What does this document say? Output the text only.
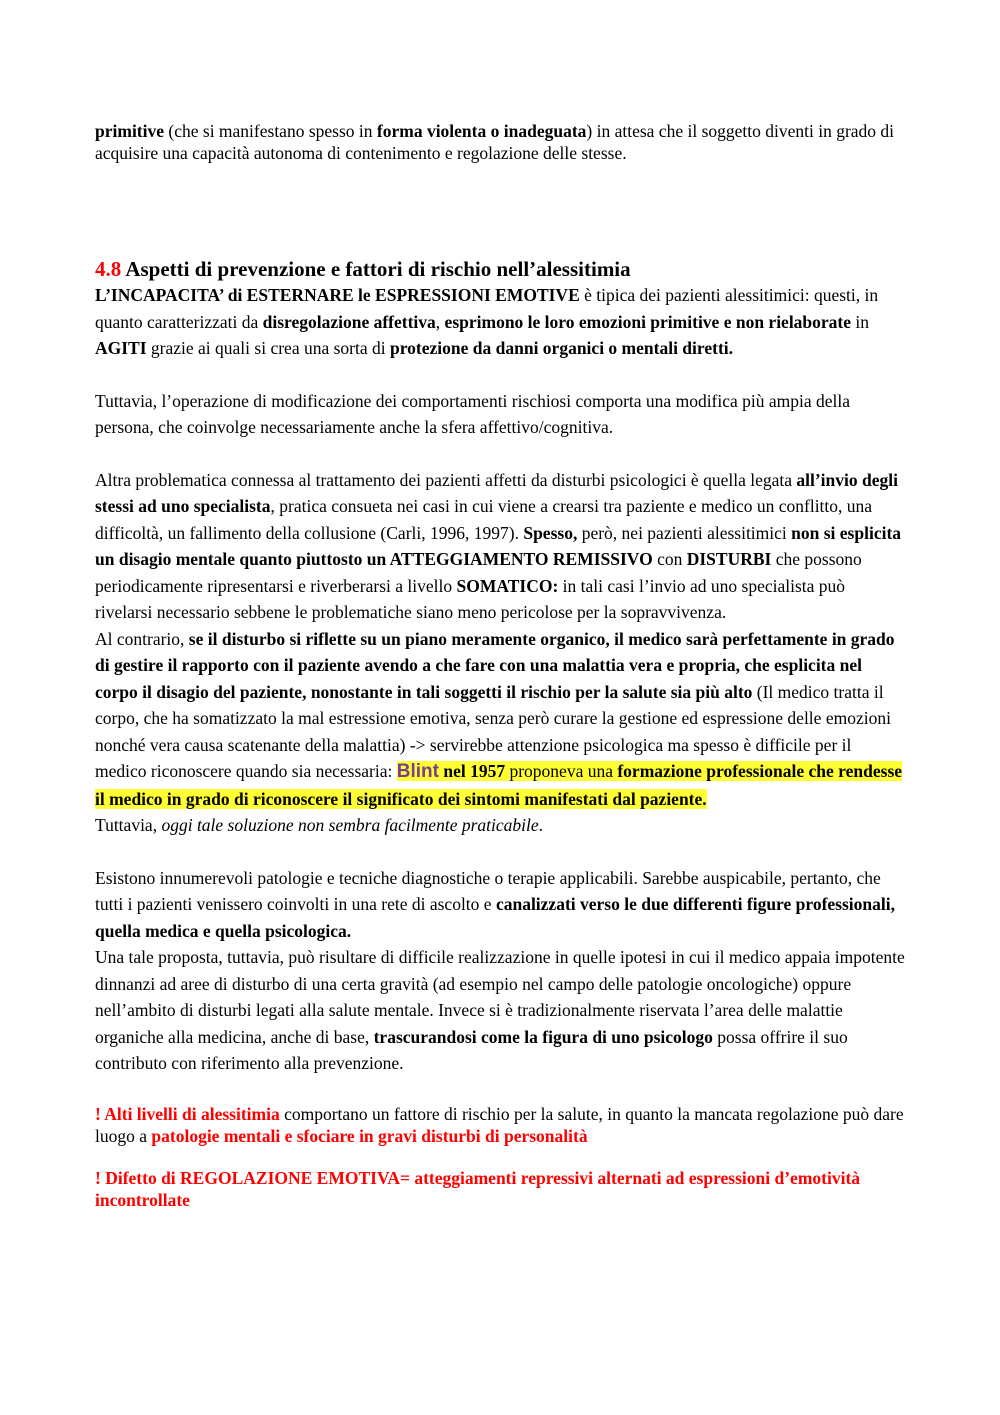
primitive (che si manifestano spesso in forma violenta o inadeguata) in attesa che il soggetto diventi in grado di acquisire una capacità autonoma di contenimento e regolazione delle stesse.

4.8 Aspetti di prevenzione e fattori di rischio nell’alessitimia

L’INCAPACITA’ di ESTERNARE le ESPRESSIONI EMOTIVE è tipica dei pazienti alessitimici: questi, in quanto caratterizzati da disregolazione affettiva, esprimono le loro emozioni primitive e non rielaborate in AGITI grazie ai quali si crea una sorta di protezione da danni organici o mentali diretti.

Tuttavia, l’operazione di modificazione dei comportamenti rischiosi comporta una modifica più ampia della persona, che coinvolge necessariamente anche la sfera affettivo/cognitiva.

Altra problematica connessa al trattamento dei pazienti affetti da disturbi psicologici è quella legata all’invio degli stessi ad uno specialista, pratica consueta nei casi in cui viene a crearsi tra paziente e medico un conflitto, una difficoltà, un fallimento della collusione (Carli, 1996, 1997). Spesso, però, nei pazienti alessitimici non si esplicita un disagio mentale quanto piuttosto un ATTEGGIAMENTO REMISSIVO con DISTURBI che possono periodicamente ripresentarsi e riverberarsi a livello SOMATICO: in tali casi l’invio ad uno specialista può rivelarsi necessario sebbene le problematiche siano meno pericolose per la sopravvivenza.

Al contrario, se il disturbo si riflette su un piano meramente organico, il medico sarà perfettamente in grado di gestire il rapporto con il paziente avendo a che fare con una malattia vera e propria, che esplicita nel corpo il disagio del paziente, nonostante in tali soggetti il rischio per la salute sia più alto (Il medico tratta il corpo, che ha somatizzato la mal estressione emotiva, senza però curare la gestione ed espressione delle emozioni nonché vera causa scatenante della malattia) -> servirebbe attenzione psicologica ma spesso è difficile per il medico riconoscere quando sia necessaria: Blint nel 1957 proponeva una formazione professionale che rendesse il medico in grado di riconoscere il significato dei sintomi manifestati dal paziente.
Tuttavia, oggi tale soluzione non sembra facilmente praticabile.

Esistono innumerevoli patologie e tecniche diagnostiche o terapie applicabili. Sarebbe auspicabile, pertanto, che tutti i pazienti venissero coinvolti in una rete di ascolto e canalizzati verso le due differenti figure professionali, quella medica e quella psicologica.

Una tale proposta, tuttavia, può risultare di difficile realizzazione in quelle ipotesi in cui il medico appaia impotente dinnanzi ad aree di disturbo di una certa gravità (ad esempio nel campo delle patologie oncologiche) oppure nell’ambito di disturbi legati alla salute mentale. Invece si è tradizionalmente riservata l’area delle malattie organiche alla medicina, anche di base, trascurandosi come la figura di uno psicologo possa offrire il suo contributo con riferimento alla prevenzione.

! Alti livelli di alessitimia comportano un fattore di rischio per la salute, in quanto la mancata regolazione può dare luogo a patologie mentali e sfociare in gravi disturbi di personalità

! Difetto di REGOLAZIONE EMOTIVA= atteggiamenti repressivi alternati ad espressioni d’emotività incontrollate
